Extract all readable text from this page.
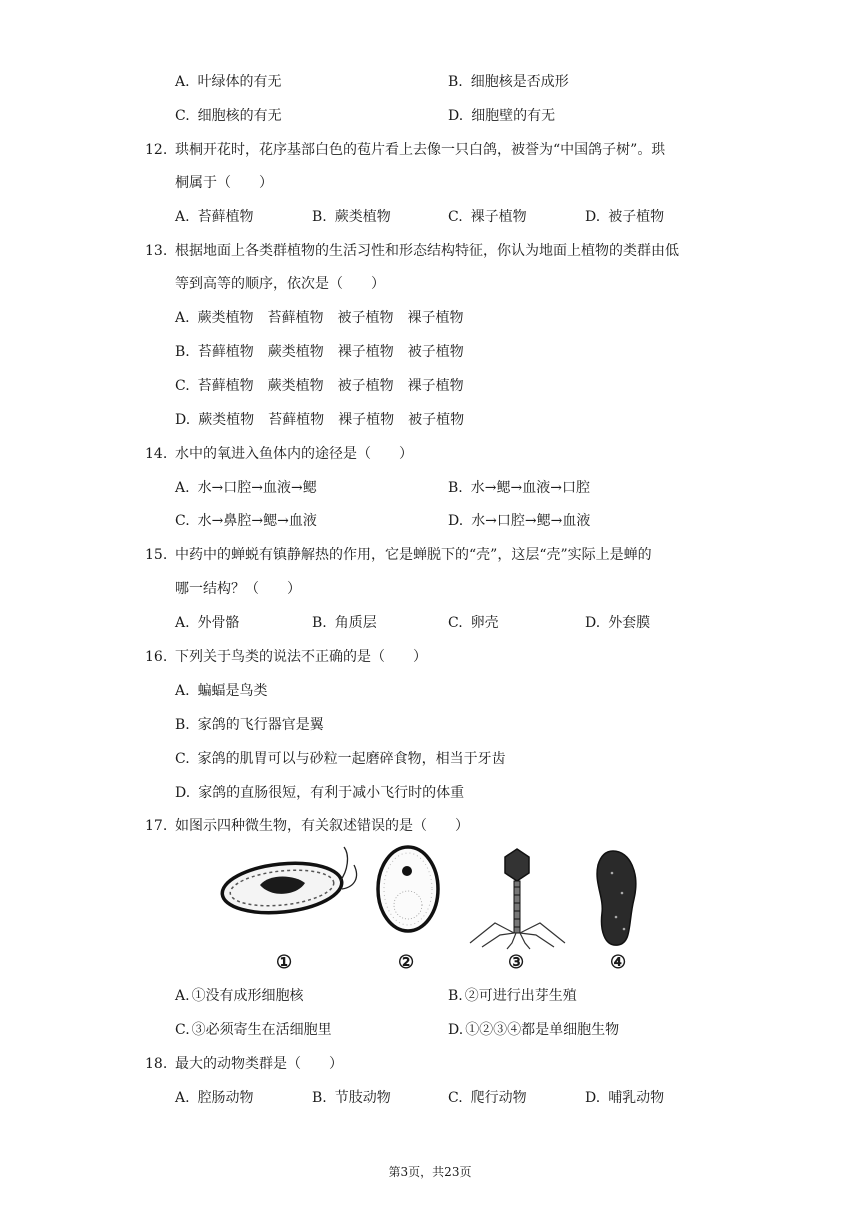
A. 叶绿体的有无	B. 细胞核是否成形
C. 细胞核的有无	D. 细胞壁的有无
12. 珙桐开花时，花序基部白色的苞片看上去像一只白鸽，被誉为“中国鸽子树”。珙
桐属于（　　）
A. 苔藓植物	B. 蕨类植物	C. 裸子植物	D. 被子植物
13. 根据地面上各类群植物的生活习性和形态结构特征，你认为地面上植物的类群由低
等到高等的顺序，依次是（　　）
A. 蕨类植物　苔藓植物　被子植物　裸子植物
B. 苔藓植物　蕨类植物　裸子植物　被子植物
C. 苔藓植物　蕨类植物　被子植物　裸子植物
D. 蕨类植物　苔藓植物　裸子植物　被子植物
14. 水中的氧进入鱼体内的途径是（　　）
A. 水→口腔→血液→鳃	B. 水→鳃→血液→口腔
C. 水→鼻腔→鳃→血液	D. 水→口腔→鳃→血液
15. 中药中的蝉蜕有镇静解热的作用，它是蝉脱下的“壳”，这层“壳”实际上是蝉的
哪一结构？（　　）
A. 外骨骼	B. 角质层	C. 卵壳	D. 外套膜
16. 下列关于鸟类的说法不正确的是（　　）
A. 蝙蝠是鸟类
B. 家鸽的飞行器官是翼
C. 家鸽的肌胃可以与砂粒一起磨碎食物，相当于牙齿
D. 家鸽的直肠很短，有利于减小飞行时的体重
17. 如图示四种微生物，有关叙述错误的是（　　）
①	②	③	④
A. ①没有成形细胞核	B. ②可进行出芽生殖
C. ③必须寄生在活细胞里	D. ①②③④都是单细胞生物
18. 最大的动物类群是（　　）
A. 腔肠动物	B. 节肢动物	C. 爬行动物	D. 哺乳动物
第3页，共23页
